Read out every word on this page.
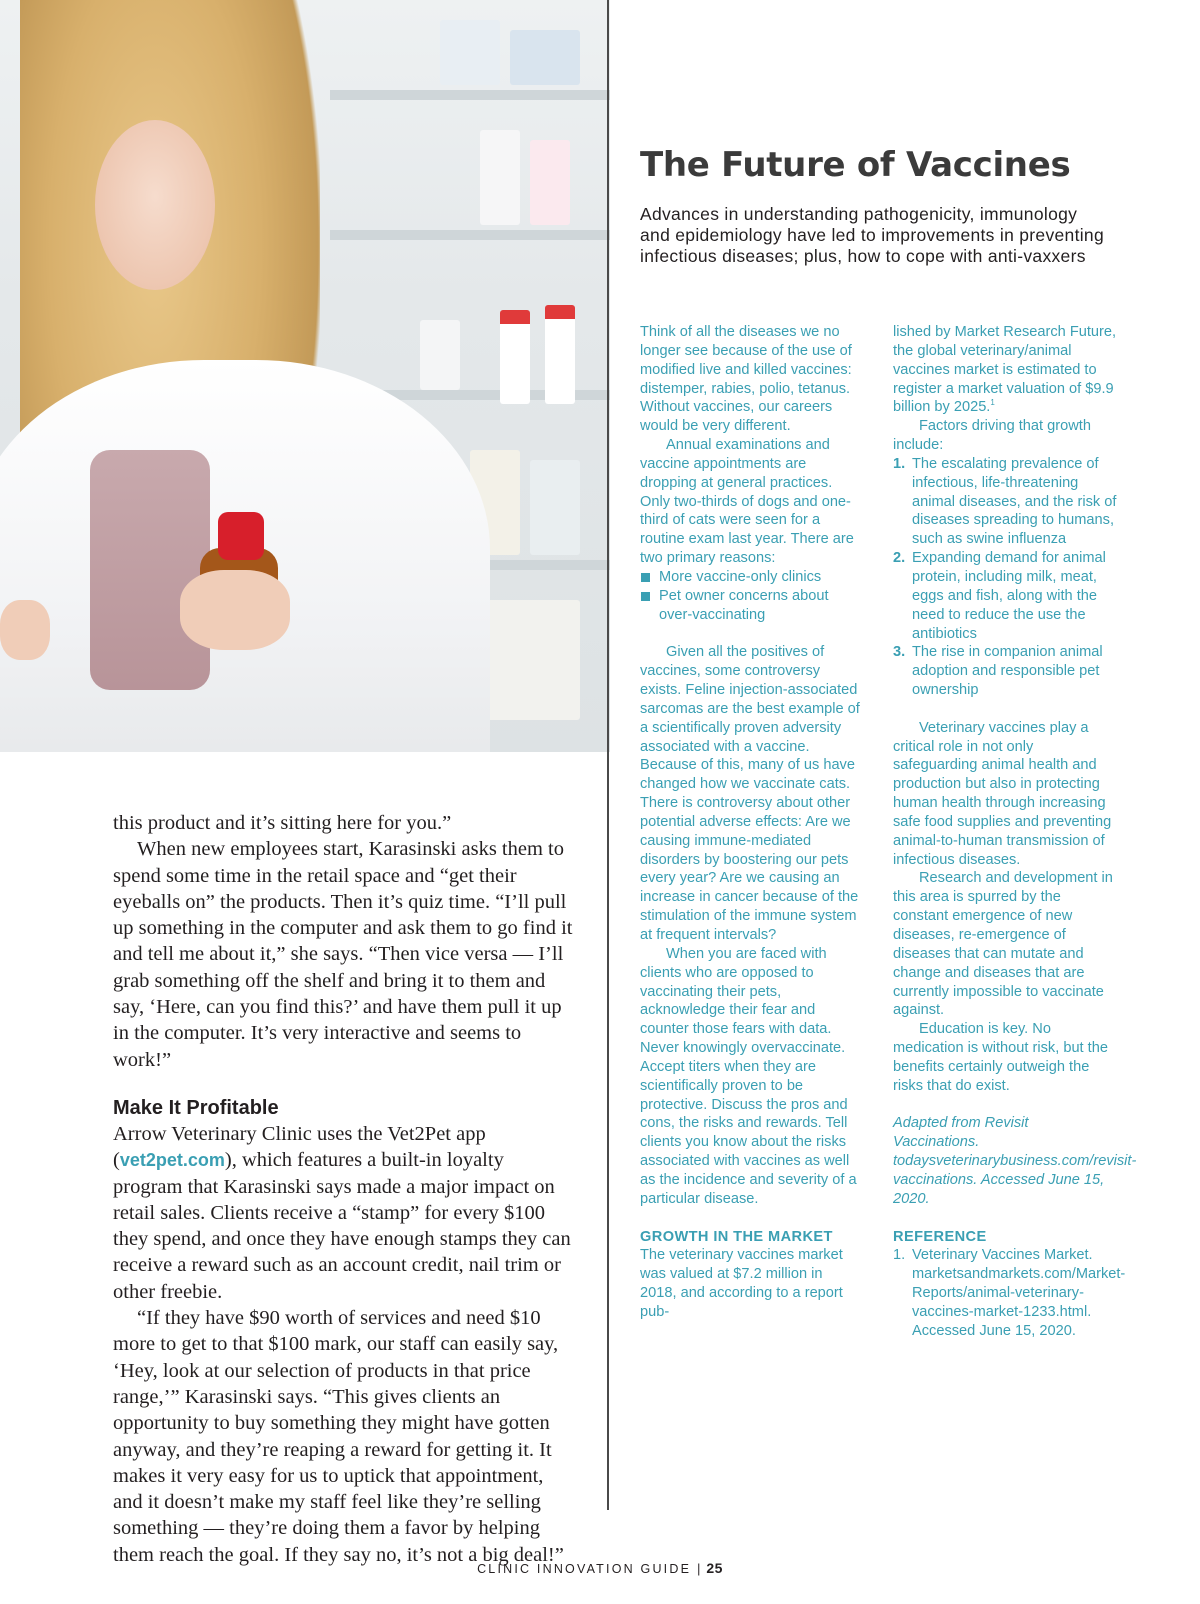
this product and it’s sitting here for you.”

When new employees start, Karasinski asks them to spend some time in the retail space and “get their eyeballs on” the products. Then it’s quiz time. “I’ll pull up something in the computer and ask them to go find it and tell me about it,” she says. “Then vice versa — I’ll grab something off the shelf and bring it to them and say, ‘Here, can you find this?’ and have them pull it up in the computer. It’s very interactive and seems to work!”

Make It Profitable

Arrow Veterinary Clinic uses the Vet2Pet app (vet2pet.com), which features a built-in loyalty program that Karasinski says made a major impact on retail sales. Clients receive a “stamp” for every $100 they spend, and once they have enough stamps they can receive a reward such as an account credit, nail trim or other freebie.

“If they have $90 worth of services and need $10 more to get to that $100 mark, our staff can easily say, ‘Hey, look at our selection of products in that price range,’” Karasinski says. “This gives clients an opportunity to buy something they might have gotten anyway, and they’re reaping a reward for getting it. It makes it very easy for us to uptick that appointment, and it doesn’t make my staff feel like they’re selling something — they’re doing them a favor by helping them reach the goal. If they say no, it’s not a big deal!”

The Future of Vaccines

Advances in understanding pathogenicity, immunology and epidemiology have led to improvements in preventing infectious diseases; plus, how to cope with anti-vaxxers

Think of all the diseases we no longer see because of the use of modified live and killed vaccines: distemper, rabies, polio, tetanus. Without vaccines, our careers would be very different.

Annual examinations and vaccine appointments are dropping at general practices. Only two-thirds of dogs and one-third of cats were seen for a routine exam last year. There are two primary reasons:

More vaccine-only clinics
Pet owner concerns about over-vaccinating

Given all the positives of vaccines, some controversy exists. Feline injection-associated sarcomas are the best example of a scientifically proven adversity associated with a vaccine. Because of this, many of us have changed how we vaccinate cats. There is controversy about other potential adverse effects: Are we causing immune-mediated disorders by boostering our pets every year? Are we causing an increase in cancer because of the stimulation of the immune system at frequent intervals?

When you are faced with clients who are opposed to vaccinating their pets, acknowledge their fear and counter those fears with data. Never knowingly overvaccinate. Accept titers when they are scientifically proven to be protective. Discuss the pros and cons, the risks and rewards. Tell clients you know about the risks associated with vaccines as well as the incidence and severity of a particular disease.

GROWTH IN THE MARKET

The veterinary vaccines market was valued at $7.2 million in 2018, and according to a report pub-

lished by Market Research Future, the global veterinary/animal vaccines market is estimated to register a market valuation of $9.9 billion by 2025.$^1$

Factors driving that growth include:

1. The escalating prevalence of infectious, life-threatening animal diseases, and the risk of diseases spreading to humans, such as swine influenza
2. Expanding demand for animal protein, including milk, meat, eggs and fish, along with the need to reduce the use the antibiotics
3. The rise in companion animal adoption and responsible pet ownership

Veterinary vaccines play a critical role in not only safeguarding animal health and production but also in protecting human health through increasing safe food supplies and preventing animal-to-human transmission of infectious diseases.

Research and development in this area is spurred by the constant emergence of new diseases, re-emergence of diseases that can mutate and change and diseases that are currently impossible to vaccinate against.

Education is key. No medication is without risk, but the benefits certainly outweigh the risks that do exist.

Adapted from Revisit Vaccinations. todaysveterinarybusiness.com/revisit-vaccinations. Accessed June 15, 2020.

REFERENCE

1. Veterinary Vaccines Market. marketsandmarkets.com/Market-Reports/animal-veterinary-vaccines-market-1233.html. Accessed June 15, 2020.
CLINIC INNOVATION GUIDE | 25
